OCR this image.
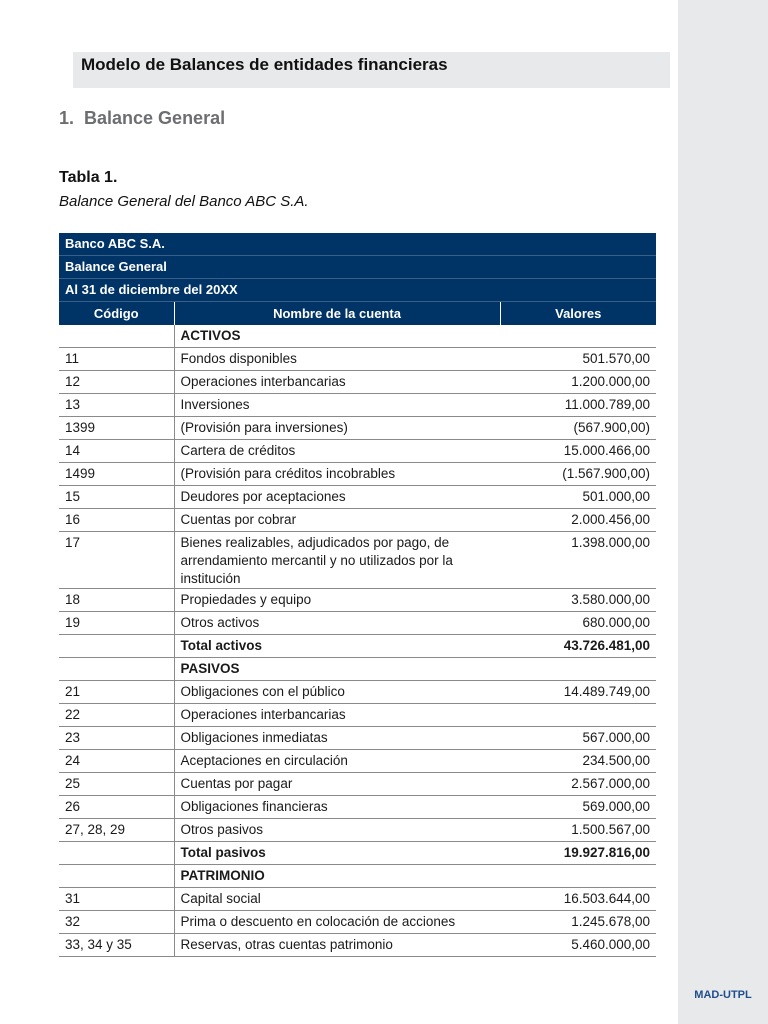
MAD-UTPL
Modelo de Balances de entidades financieras
1. Balance General
Tabla 1.
Balance General del Banco ABC S.A.
Banco ABC S.A.		
Balance General		
Al 31 de diciembre del 20XX		
Código	Nombre de la cuenta	Valores
	ACTIVOS	
11	Fondos disponibles	501.570,00
12	Operaciones interbancarias	1.200.000,00
13	Inversiones	11.000.789,00
1399	(Provisión para inversiones)	(567.900,00)
14	Cartera de créditos	15.000.466,00
1499	(Provisión para créditos incobrables	(1.567.900,00)
15	Deudores por aceptaciones	501.000,00
16	Cuentas por cobrar	2.000.456,00
17	Bienes realizables, adjudicados por pago, de arrendamiento mercantil y no utilizados por la institución	1.398.000,00
18	Propiedades y equipo	3.580.000,00
19	Otros activos	680.000,00
	Total activos	43.726.481,00
	PASIVOS	
21	Obligaciones con el público	14.489.749,00
22	Operaciones interbancarias	
23	Obligaciones inmediatas	567.000,00
24	Aceptaciones en circulación	234.500,00
25	Cuentas por pagar	2.567.000,00
26	Obligaciones financieras	569.000,00
27, 28, 29	Otros pasivos	1.500.567,00
	Total pasivos	19.927.816,00
	PATRIMONIO	
31	Capital social	16.503.644,00
32	Prima o descuento en colocación de acciones	1.245.678,00
33, 34 y 35	Reservas, otras cuentas patrimonio	5.460.000,00
